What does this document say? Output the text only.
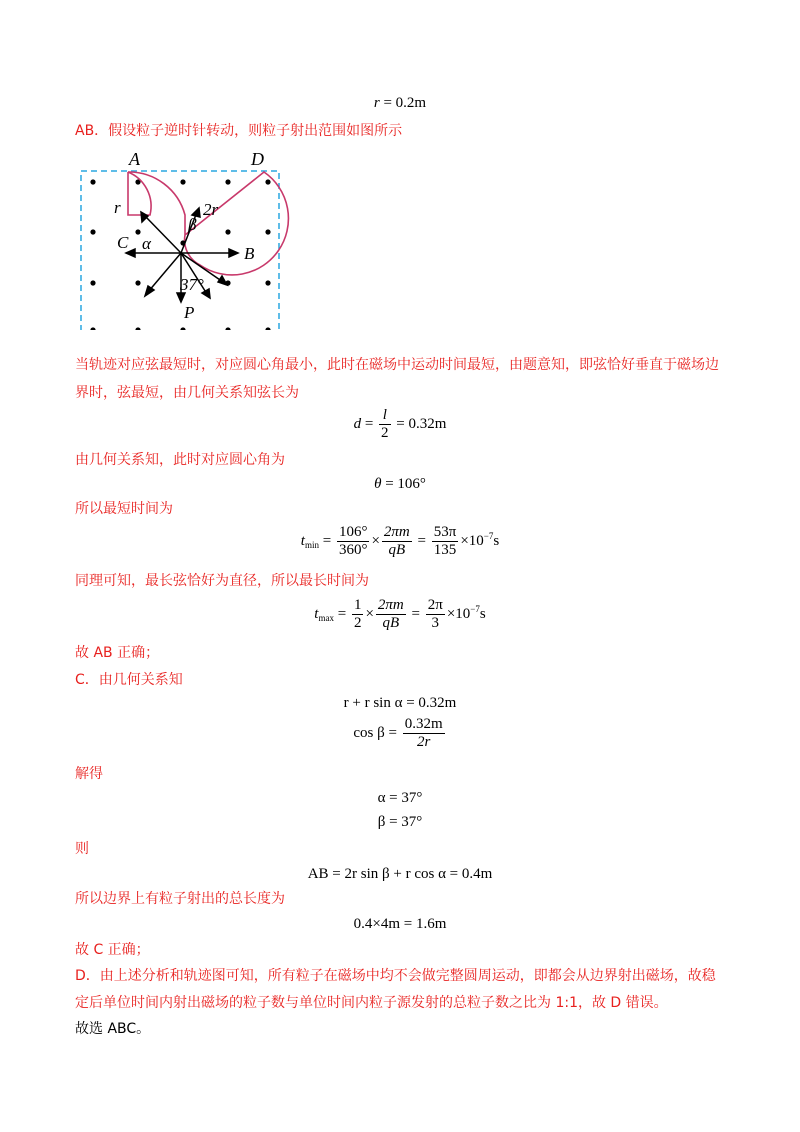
r = 0.2m
AB．假设粒子逆时针转动，则粒子射出范围如图所示
A	D
r	2r
β
C α
B
37°
P
当轨迹对应弦最短时，对应圆心角最小，此时在磁场中运动时间最短，由题意知，即弦恰好垂直于磁场边
界时，弦最短，由几何关系知弦长为
$d = \frac{l}{2} = 0.32m$
由几何关系知，此时对应圆心角为
θ = 106°
所以最短时间为
$t_{min} = \frac{106^\circ}{360^\circ} \times \frac{2\pi m}{qB} = \frac{53\pi}{135} \times 10^{-7}s$
同理可知，最长弦恰好为直径，所以最长时间为
$t_{max} = \frac{1}{2} \times \frac{2\pi m}{qB} = \frac{2\pi}{3} \times 10^{-7}s$
故 AB 正确；
C．由几何关系知
r + r sin α = 0.32m
$\cos \beta = \frac{0.32m}{2r}$
解得
α = 37°
β = 37°
则
AB = 2r sin β + r cos α = 0.4m
所以边界上有粒子射出的总长度为
0.4×4m = 1.6m
故 C 正确；
D．由上述分析和轨迹图可知，所有粒子在磁场中均不会做完整圆周运动，即都会从边界射出磁场，故稳
定后单位时间内射出磁场的粒子数与单位时间内粒子源发射的总粒子数之比为 1:1，故 D 错误。
故选 ABC。
